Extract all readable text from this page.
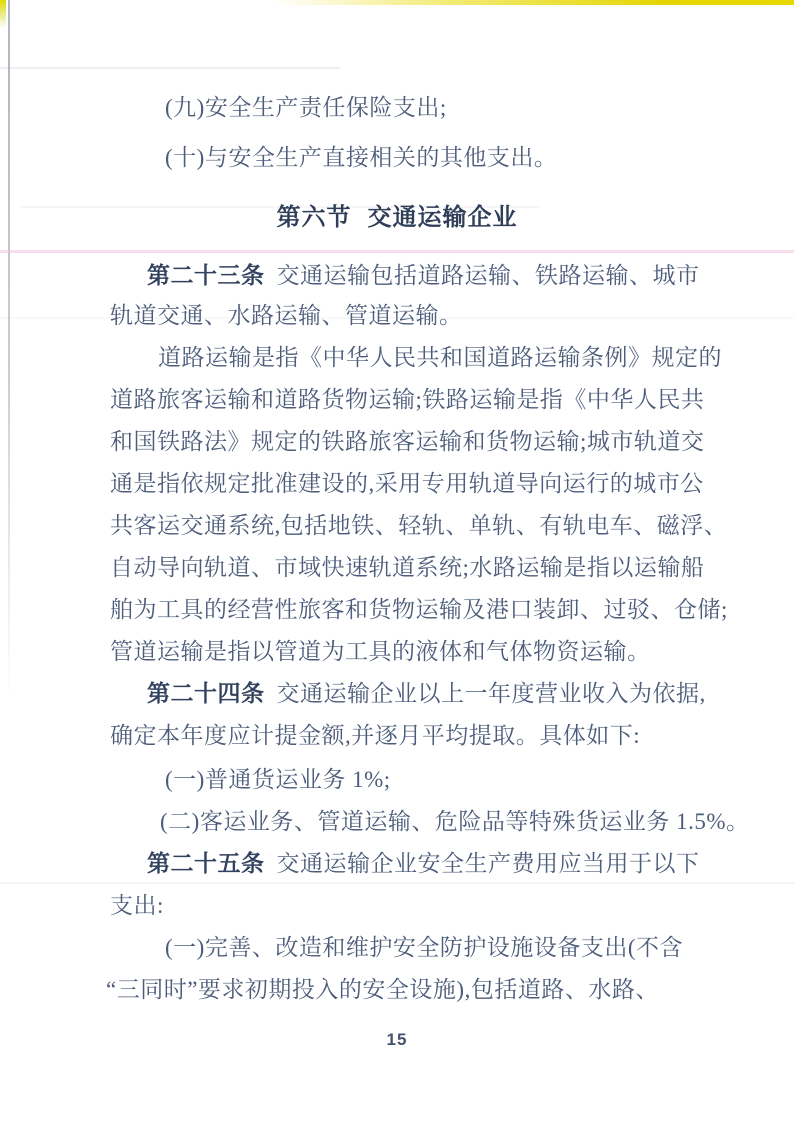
(九)安全生产责任保险支出;
(十)与安全生产直接相关的其他支出。
第六节 交通运输企业
第二十三条 交通运输包括道路运输、铁路运输、城市
轨道交通、水路运输、管道运输。
道路运输是指《中华人民共和国道路运输条例》规定的
道路旅客运输和道路货物运输;铁路运输是指《中华人民共
和国铁路法》规定的铁路旅客运输和货物运输;城市轨道交
通是指依规定批准建设的,采用专用轨道导向运行的城市公
共客运交通系统,包括地铁、轻轨、单轨、有轨电车、磁浮、
自动导向轨道、市域快速轨道系统;水路运输是指以运输船
舶为工具的经营性旅客和货物运输及港口装卸、过驳、仓储;
管道运输是指以管道为工具的液体和气体物资运输。
第二十四条 交通运输企业以上一年度营业收入为依据,
确定本年度应计提金额,并逐月平均提取。具体如下:
(一)普通货运业务 1%;
(二)客运业务、管道运输、危险品等特殊货运业务 1.5%。
第二十五条 交通运输企业安全生产费用应当用于以下
支出:
(一)完善、改造和维护安全防护设施设备支出(不含
“三同时”要求初期投入的安全设施),包括道路、水路、
15
